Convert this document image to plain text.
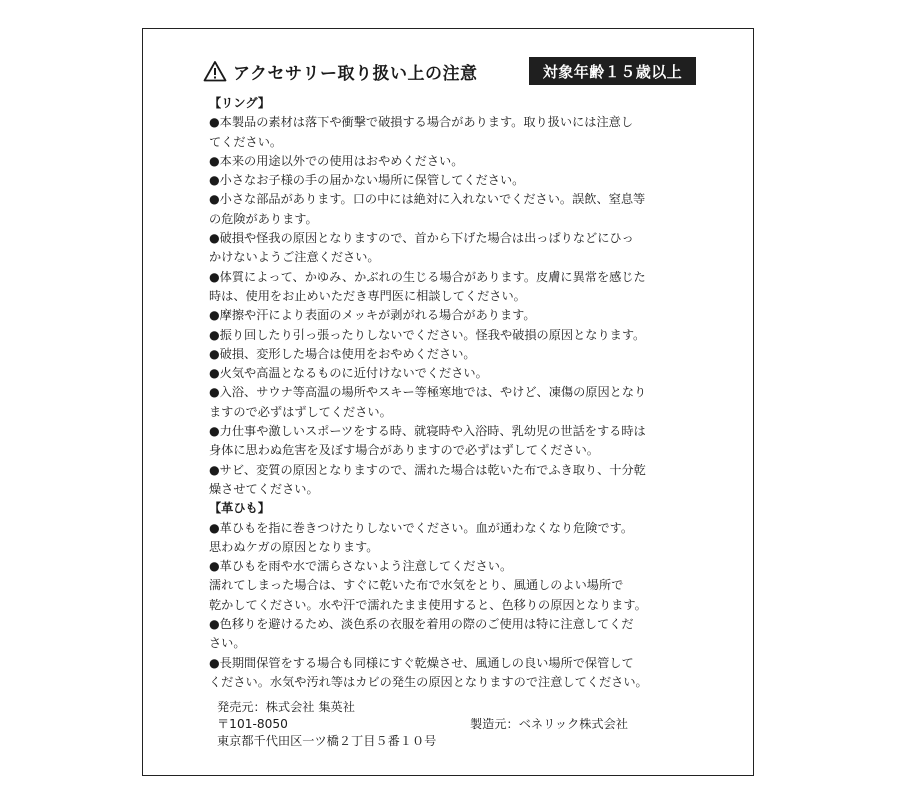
アクセサリー取り扱い上の注意	対象年齢１５歳以上

【リング】

●本製品の素材は落下や衝撃で破損する場合があります。取り扱いには注意し

てください。

●本来の用途以外での使用はおやめください。

●小さなお子様の手の届かない場所に保管してください。

●小さな部品があります。口の中には絶対に入れないでください。誤飲、窒息等

の危険があります。

●破損や怪我の原因となりますので、首から下げた場合は出っぱりなどにひっ

かけないようご注意ください。

●体質によって、かゆみ、かぶれの生じる場合があります。皮膚に異常を感じた

時は、使用をお止めいただき専門医に相談してください。

●摩擦や汗により表面のメッキが剥がれる場合があります。

●振り回したり引っ張ったりしないでください。怪我や破損の原因となります。

●破損、変形した場合は使用をおやめください。

●火気や高温となるものに近付けないでください。

●入浴、サウナ等高温の場所やスキー等極寒地では、やけど、凍傷の原因となり

ますので必ずはずしてください。

●力仕事や激しいスポーツをする時、就寝時や入浴時、乳幼児の世話をする時は

身体に思わぬ危害を及ぼす場合がありますので必ずはずしてください。

●サビ、変質の原因となりますので、濡れた場合は乾いた布でふき取り、十分乾

燥させてください。

【革ひも】

●革ひもを指に巻きつけたりしないでください。血が通わなくなり危険です。

思わぬケガの原因となります。

●革ひもを雨や水で濡らさないよう注意してください。

濡れてしまった場合は、すぐに乾いた布で水気をとり、風通しのよい場所で

乾かしてください。水や汗で濡れたまま使用すると、色移りの原因となります。

●色移りを避けるため、淡色系の衣服を着用の際のご使用は特に注意してくだ

さい。

●長期間保管をする場合も同様にすぐ乾燥させ、風通しの良い場所で保管して

ください。水気や汚れ等はカビの発生の原因となりますので注意してください。

発売元：株式会社 集英社
〒101-8050
東京都千代田区一ツ橋２丁目５番１０号
製造元：ベネリック株式会社
